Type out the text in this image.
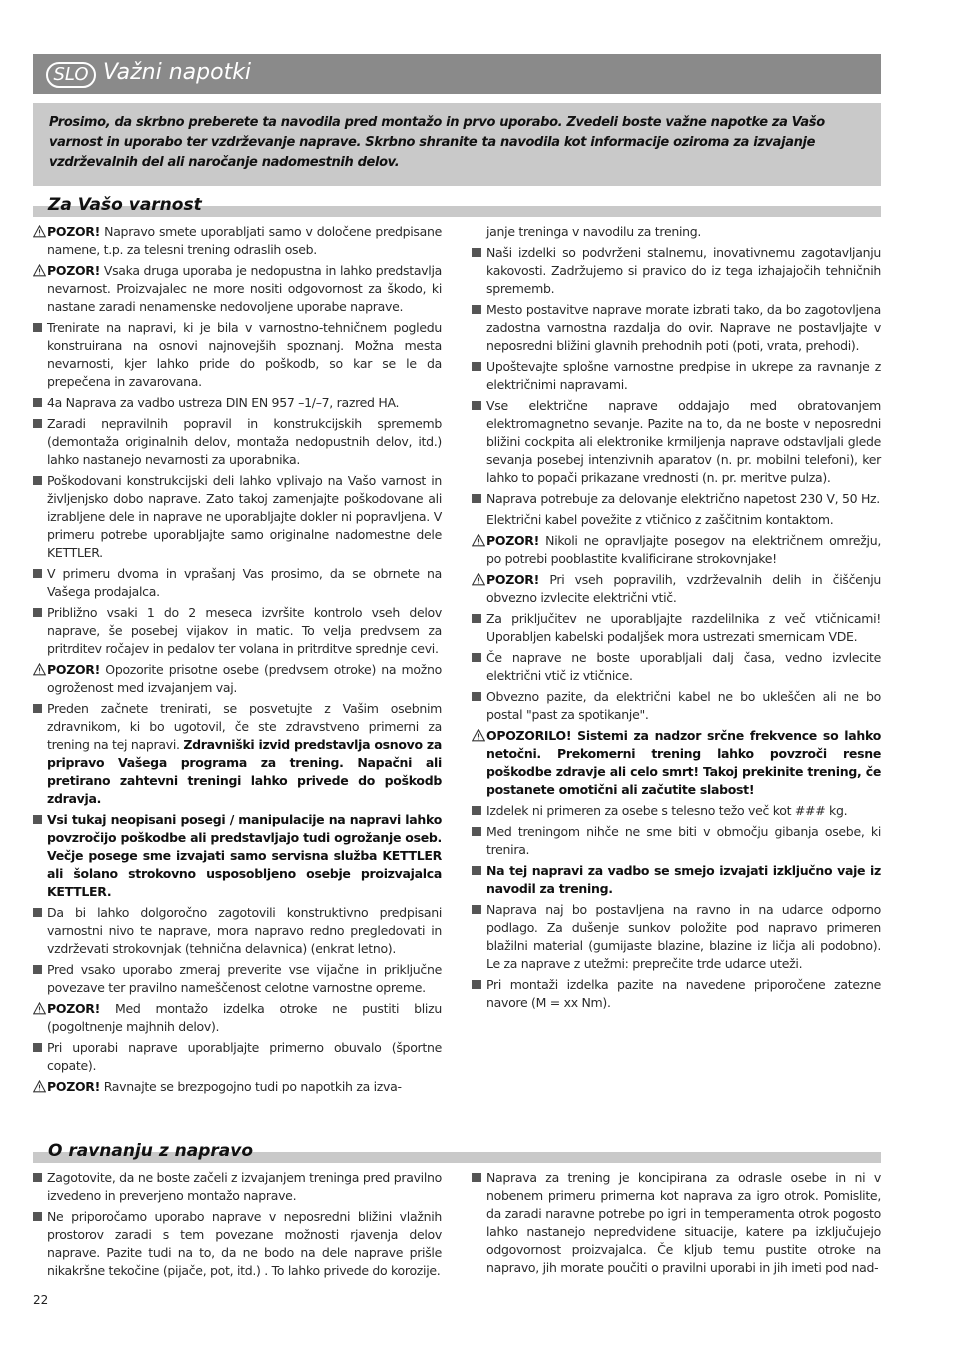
SLO Važni napotki

Prosimo, da skrbno preberete ta navodila pred montažo in prvo uporabo. Zvedeli boste važne napotke za Vašo varnost in uporabo ter vzdrževanje naprave. Skrbno shranite ta navodila kot informacije oziroma za izvajanje vzdrževalnih del ali naročanje nadomestnih delov.

Za Vašo varnost
POZOR! Napravo smete uporabljati samo v določene predpisane namene, t.p. za telesni trening odraslih oseb.
POZOR! Vsaka druga uporaba je nedopustna in lahko predstavlja nevarnost. Proizvajalec ne more nositi odgovornost za škodo, ki nastane zaradi nenamenske nedovoljene uporabe naprave.
Trenirate na napravi, ki je bila v varnostno-tehničnem pogledu konstruirana na osnovi najnovejših spoznanj. Možna mesta nevarnosti, kjer lahko pride do poškodb, so kar se le da prepečena in zavarovana.
4a Naprava za vadbo ustreza DIN EN 957 –1/–7, razred HA.
Zaradi nepravilnih popravil in konstrukcijskih sprememb (demontaža originalnih delov, montaža nedopustnih delov, itd.) lahko nastanejo nevarnosti za uporabnika.
Poškodovani konstrukcijski deli lahko vplivajo na Vašo varnost in življenjsko dobo naprave. Zato takoj zamenjajte poškodovane ali izrabljene dele in naprave ne uporabljajte dokler ni popravljena. V primeru potrebe uporabljajte samo originalne nadomestne dele KETTLER.
V primeru dvoma in vprašanj Vas prosimo, da se obrnete na Vašega prodajalca.
Približno vsaki 1 do 2 meseca izvršite kontrolo vseh delov naprave, še posebej vijakov in matic. To velja predvsem za pritrditev ročajev in pedalov ter volana in pritrditve sprednje cevi.
POZOR! Opozorite prisotne osebe (predvsem otroke) na možno ogroženost med izvajanjem vaj.
Preden začnete trenirati, se posvetujte z Vašim osebnim zdravnikom, ki bo ugotovil, če ste zdravstveno primerni za trening na tej napravi. Zdravniški izvid predstavlja osnovo za pripravo Vašega programa za trening. Napačni ali pretirano zahtevni treningi lahko privede do poškodb zdravja.
Vsi tukaj neopisani posegi / manipulacije na napravi lahko povzročijo poškodbe ali predstavljajo tudi ogrožanje oseb. Večje posege sme izvajati samo servisna služba KETTLER ali šolano strokovno usposobljeno osebje proizvajalca KETTLER.
Da bi lahko dolgoročno zagotovili konstruktivno predpisani varnostni nivo te naprave, mora napravo redno pregledovati in vzdrževati strokovnjak (tehnična delavnica) (enkrat letno).
Pred vsako uporabo zmeraj preverite vse vijačne in priključne povezave ter pravilno nameščenost celotne varnostne opreme.
POZOR! Med montažo izdelka otroke ne pustiti blizu (pogoltnenje majhnih delov).
Pri uporabi naprave uporabljajte primerno obuvalo (športne copate).
POZOR! Ravnajte se brezpogojno tudi po napotkih za izva-
janje treninga v navodilu za trening.
Naši izdelki so podvrženi stalnemu, inovativnemu zagotavljanju kakovosti. Zadržujemo si pravico do iz tega izhajajočih tehničnih sprememb.
Mesto postavitve naprave morate izbrati tako, da bo zagotovljena zadostna varnostna razdalja do ovir. Naprave ne postavljajte v neposredni bližini glavnih prehodnih poti (poti, vrata, prehodi).
Upoštevajte splošne varnostne predpise in ukrepe za ravnanje z električnimi napravami.
Vse električne naprave oddajajo med obratovanjem elektromagnetno sevanje. Pazite na to, da ne boste v neposredni bližini cockpita ali elektronike krmiljenja naprave odstavljali glede sevanja posebej intenzivnih aparatov (n. pr. mobilni telefoni), ker lahko to popači prikazane vrednosti (n. pr. meritve pulza).
Naprava potrebuje za delovanje električno napetost 230 V, 50 Hz.
Električni kabel povežite z vtičnico z zaščitnim kontaktom.
POZOR! Nikoli ne opravljajte posegov na električnem omrežju, po potrebi pooblastite kvalificirane strokovnjake!
POZOR! Pri vseh popravilih, vzdrževalnih delih in čiščenju obvezno izvlecite električni vtič.
Za priključitev ne uporabljajte razdelilnika z več vtičnicami! Uporabljen kabelski podaljšek mora ustrezati smernicam VDE.
Če naprave ne boste uporabljali dalj časa, vedno izvlecite električni vtič iz vtičnice.
Obvezno pazite, da električni kabel ne bo ukleščen ali ne bo postal "past za spotikanje".
OPOZORILO! Sistemi za nadzor srčne frekvence so lahko netočni. Prekomerni trening lahko povzroči resne poškodbe zdravje ali celo smrt! Takoj prekinite trening, če postanete omotični ali začutite slabost!
Izdelek ni primeren za osebe s telesno težo več kot ### kg.
Med treningom nihče ne sme biti v območju gibanja osebe, ki trenira.
Na tej napravi za vadbo se smejo izvajati izključno vaje iz navodil za trening.
Naprava naj bo postavljena na ravno in na udarce odporno podlago. Za dušenje sunkov položite pod napravo primeren blažilni material (gumijaste blazine, blazine iz ličja ali podobno). Le za naprave z utežmi: preprečite trde udarce uteži.
Pri montaži izdelka pazite na navedene priporočene zatezne navore (M = xx Nm).
O ravnanju z napravo
Zagotovite, da ne boste začeli z izvajanjem treninga pred pravilno izvedeno in preverjeno montažo naprave.
Ne priporočamo uporabo naprave v neposredni bližini vlažnih prostorov zaradi s tem povezane možnosti rjavenja delov naprave. Pazite tudi na to, da ne bodo na dele naprave prišle nikakršne tekočine (pijače, pot, itd.) . To lahko privede do korozije.
Naprava za trening je koncipirana za odrasle osebe in ni v nobenem primeru primerna kot naprava za igro otrok. Pomislite, da zaradi naravne potrebe po igri in temperamenta otrok pogosto lahko nastanejo nepredvidene situacije, katere pa izključujejo odgovornost proizvajalca. Če kljub temu pustite otroke na napravo, jih morate poučiti o pravilni uporabi in jih imeti pod nad-
22
